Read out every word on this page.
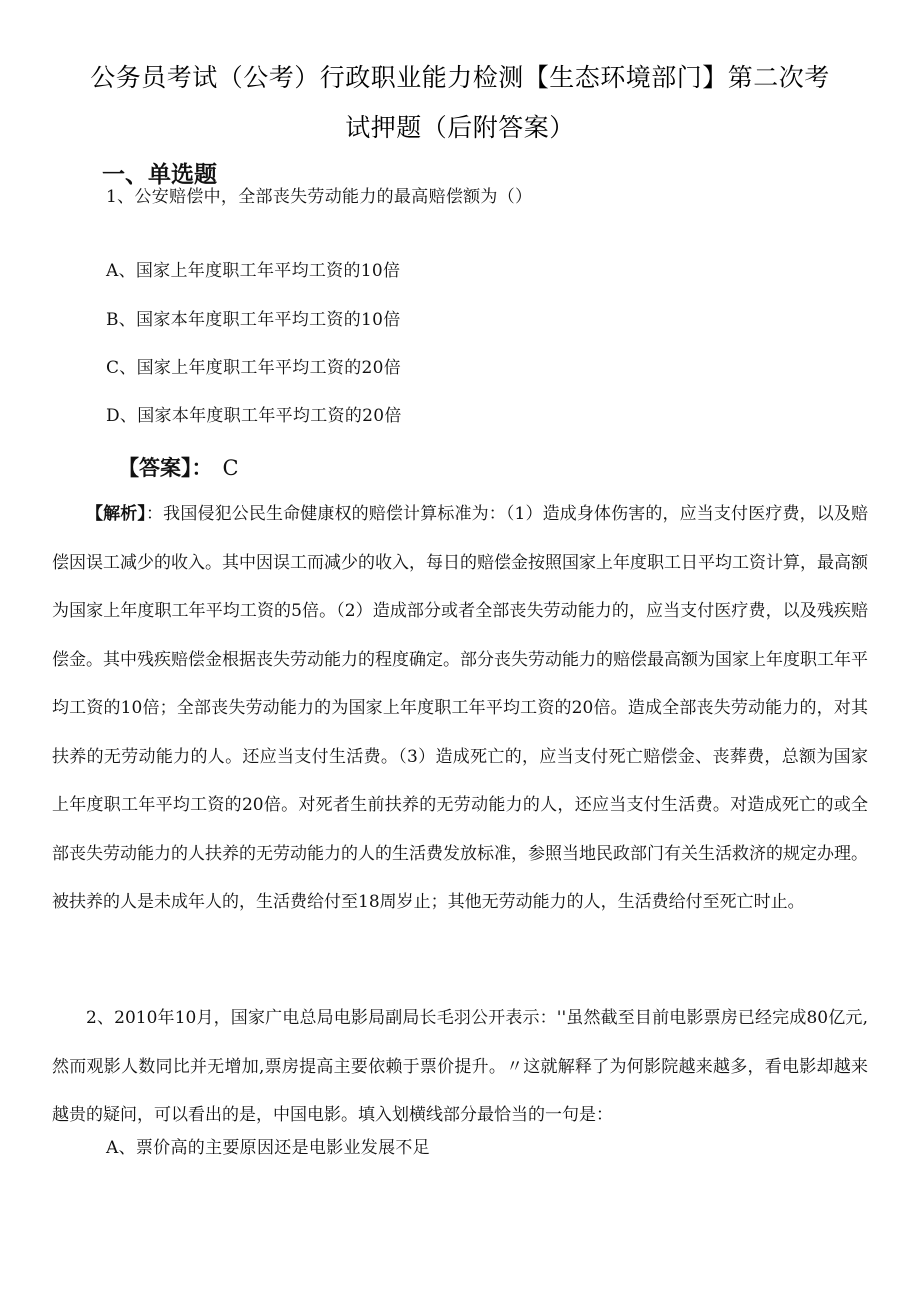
公务员考试（公考）行政职业能力检测【生态环境部门】第二次考
试押题（后附答案）
一、单选题
1、公安赔偿中，全部丧失劳动能力的最高赔偿额为（）
A、国家上年度职工年平均工资的10倍
B、国家本年度职工年平均工资的10倍
C、国家上年度职工年平均工资的20倍
D、国家本年度职工年平均工资的20倍
【答案】： C

【解析】：我国侵犯公民生命健康权的赔偿计算标准为：（1）造成身体伤害的，应当支付医疗费，以及赔偿因误工减少的收入。其中因误工而减少的收入，每日的赔偿金按照国家上年度职工日平均工资计算，最高额为国家上年度职工年平均工资的5倍。（2）造成部分或者全部丧失劳动能力的，应当支付医疗费，以及残疾赔偿金。其中残疾赔偿金根据丧失劳动能力的程度确定。部分丧失劳动能力的赔偿最高额为国家上年度职工年平均工资的10倍；全部丧失劳动能力的为国家上年度职工年平均工资的20倍。造成全部丧失劳动能力的，对其扶养的无劳动能力的人。还应当支付生活费。（3）造成死亡的，应当支付死亡赔偿金、丧葬费，总额为国家上年度职工年平均工资的20倍。对死者生前扶养的无劳动能力的人，还应当支付生活费。对造成死亡的或全部丧失劳动能力的人扶养的无劳动能力的人的生活费发放标准，参照当地民政部门有关生活救济的规定办理。被扶养的人是未成年人的，生活费给付至18周岁止；其他无劳动能力的人，生活费给付至死亡时止。

2、2010年10月，国家广电总局电影局副局长毛羽公开表示：''虽然截至目前电影票房已经完成80亿元,然而观影人数同比并无增加,票房提高主要依赖于票价提升。〃这就解释了为何影院越来越多，看电影却越来越贵的疑问，可以看出的是，中国电影。填入划横线部分最恰当的一句是：

A、票价高的主要原因还是电影业发展不足
